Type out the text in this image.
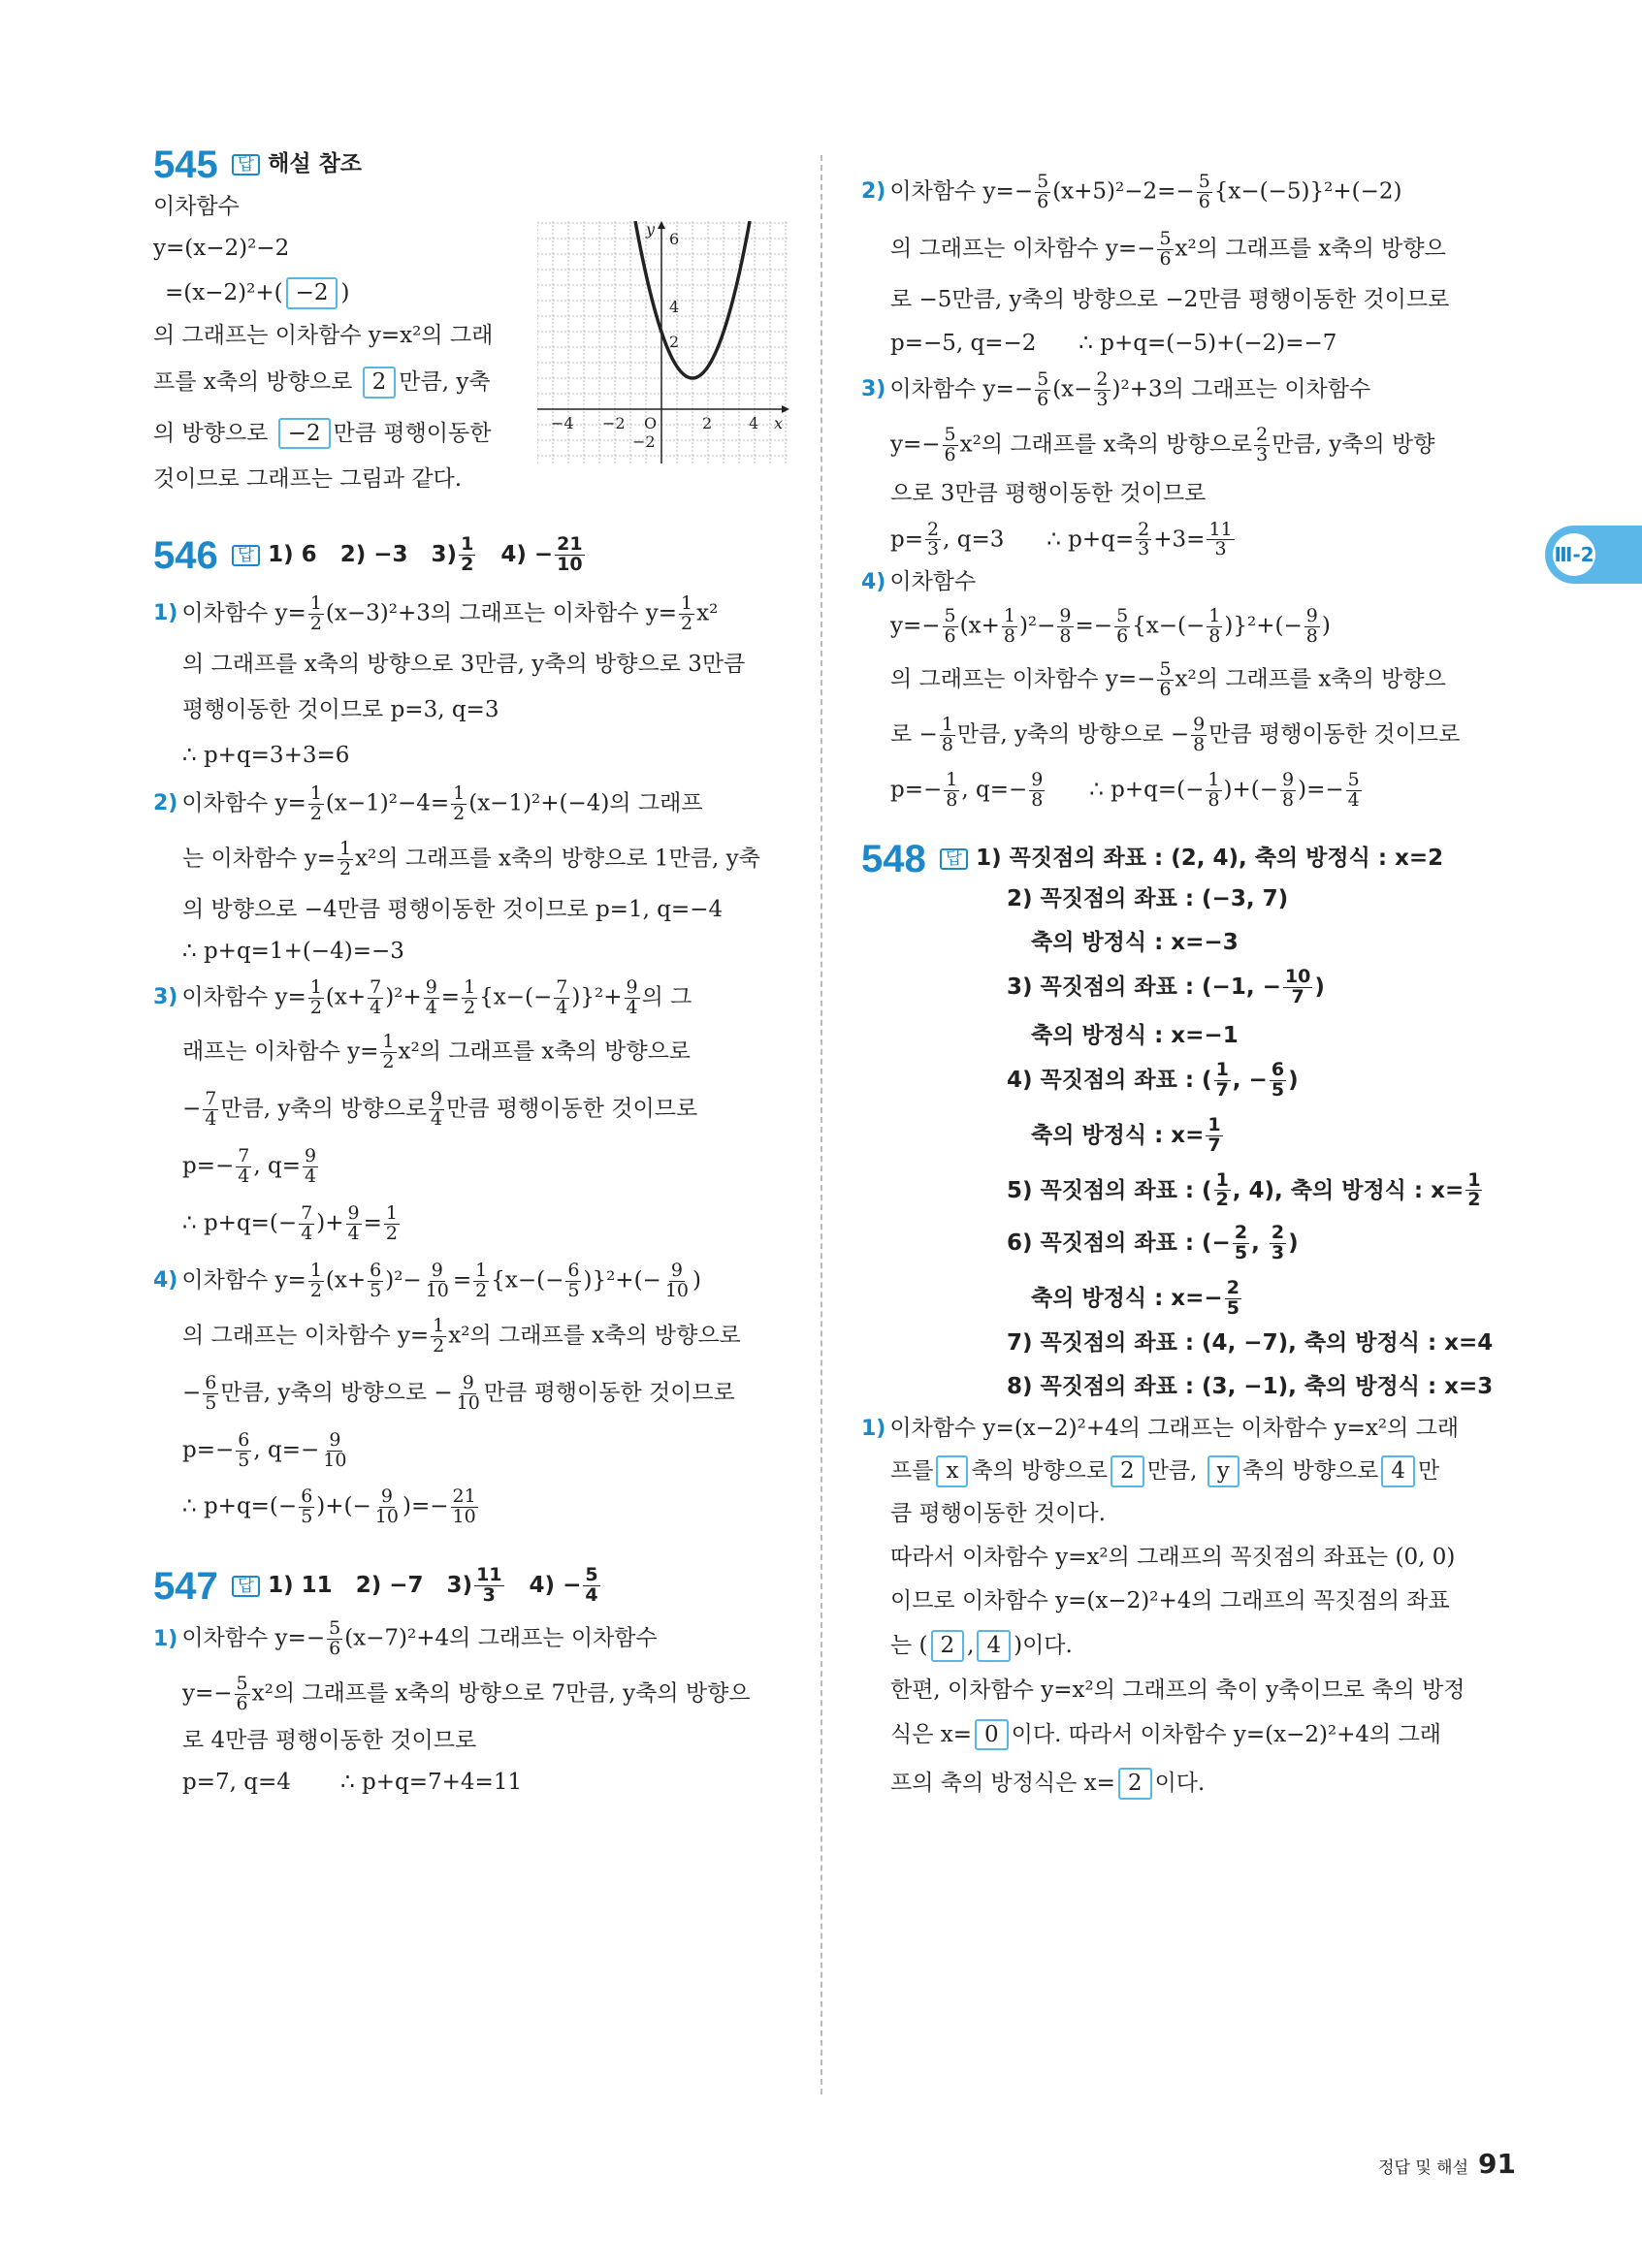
545 답 해설 참조
이차함수
y=(x−2)²−2
=(x−2)²+( −2 )
의 그래프는 이차함수 y=x²의 그래
프를 x축의 방향으로 2 만큼, y축
의 방향으로 −2 만큼 평행이동한
것이므로 그래프는 그림과 같다.
−4 −2 O	2 4
6
4
2
−2
x
y
546 답 1) 6 2) −3 $3) \frac{1}{2} 4) - \frac{21}{10}$
1) 이차함수 $y= \frac{1}{2} (x-3)^2+3$의 그래프는 이차함수 $y= \frac{1}{2} x^2$
의 그래프를 x축의 방향으로 3만큼, y축의 방향으로 3만큼
평행이동한 것이므로 p=3, q=3
∴ p+q=3+3=6
2) 이차함수 $y= \frac{1}{2} (x-1)^2-4= \frac{1}{2} (x-1)^2+(-4)$의 그래프
는 이차함수 $y= \frac{1}{2} x^2$의 그래프를 x축의 방향으로 1만큼, y축
의 방향으로 −4만큼 평행이동한 것이므로 p=1, q=−4
∴ p+q=1+(−4)=−3
3) 이차함수 $y= \frac{1}{2} (x+ \frac{7}{4} )^2+ \frac{9}{4} = \frac{1}{2} \{x-(- \frac{7}{4} )\}^2+ \frac{9}{4}$ 의 그
래프는 이차함수 $y= \frac{1}{2} x^2$의 그래프를 x축의 방향으로
− $\frac{7}{4}$ 만큼, y축의 방향으로 $\frac{9}{4}$ 만큼 평행이동한 것이므로
$p=- \frac{7}{4}$ , $q= \frac{9}{4}$
∴ $p+q=(- \frac{7}{4}$ )+ $\frac{9}{4} = \frac{1}{2}$
4) 이차함수 $y= \frac{1}{2} (x+ \frac{6}{5} )^2- \frac{9}{10} = \frac{1}{2} \{x-(- \frac{6}{5} )\}^2+(- \frac{9}{10}$ )
의 그래프는 이차함수 $y= \frac{1}{2} x^2$의 그래프를 x축의 방향으로
− $\frac{6}{5}$ 만큼, y축의 방향으로 − $\frac{9}{10}$ 만큼 평행이동한 것이므로
$p=- \frac{6}{5}$ , $q=- \frac{9}{10}$
∴ $p+q=(- \frac{6}{5}$ )+(− $\frac{9}{10}$ )=− $\frac{21}{10}$
547 답 1) 11 2) −7 $3) \frac{11}{3} 4) - \frac{5}{4}$
1) 이차함수 $y=- \frac{5}{6} (x-7)^2+4$의 그래프는 이차함수
$y=- \frac{5}{6} x^2$의 그래프를 x축의 방향으로 7만큼, y축의 방향으
로 4만큼 평행이동한 것이므로
p=7, q=4 ∴ p+q=7+4=11
2) 이차함수 $y=- \frac{5}{6} (x+5)^2-2=- \frac{5}{6} \{x-(-5)\}^2+(-2)$
의 그래프는 이차함수 $y=- \frac{5}{6} x^2$의 그래프를 x축의 방향으
로 −5만큼, y축의 방향으로 −2만큼 평행이동한 것이므로
p=−5, q=−2 ∴ p+q=(−5)+(−2)=−7
3) 이차함수 $y=- \frac{5}{6} (x- \frac{2}{3} )^2+3$의 그래프는 이차함수
$y=- \frac{5}{6} x^2$의 그래프를 x축의 방향으로 $\frac{2}{3}$ 만큼, y축의 방향
으로 3만큼 평행이동한 것이므로
$p= \frac{2}{3}$ , q=3 ∴ $p+q= \frac{2}{3} +3= \frac{11}{3}$
4) 이차함수
$y=- \frac{5}{6} (x+ \frac{1}{8} )^2- \frac{9}{8} =- \frac{5}{6} \{x-(- \frac{1}{8} )\}^2+(- \frac{9}{8}$ )
의 그래프는 이차함수 $y=- \frac{5}{6} x^2$의 그래프를 x축의 방향으
로 − $\frac{1}{8}$ 만큼, y축의 방향으로 − $\frac{9}{8}$ 만큼 평행이동한 것이므로
$p=- \frac{1}{8}$ , $q=- \frac{9}{8}$ ∴ $p+q=(- \frac{1}{8}$ )+(− $\frac{9}{8}$ )=− $\frac{5}{4}$
548 답 1) 꼭짓점의 좌표 : (2, 4), 축의 방정식 : x=2
2) 꼭짓점의 좌표 : (−3, 7)
축의 방정식 : x=−3
3) 꼭짓점의 좌표 : (−1, − $\frac{10}{7}$ )
축의 방정식 : x=−1
4) 꼭짓점의 좌표 : ( $\frac{1}{7}$ , − $\frac{6}{5}$ )
축의 방정식 : $x= \frac{1}{7}$
5) 꼭짓점의 좌표 : ( $\frac{1}{2}$ , 4), 축의 방정식 : $x= \frac{1}{2}$
6) 꼭짓점의 좌표 : (− $\frac{2}{5}$ , $\frac{2}{3}$ )
축의 방정식 : $x=- \frac{2}{5}$
7) 꼭짓점의 좌표 : (4, −7), 축의 방정식 : x=4
8) 꼭짓점의 좌표 : (3, −1), 축의 방정식 : x=3
1) 이차함수 y=(x−2)²+4의 그래프는 이차함수 y=x²의 그래
프를 x 축의 방향으로 2 만큼, y 축의 방향으로 4 만
큼 평행이동한 것이다.
따라서 이차함수 y=x²의 그래프의 꼭짓점의 좌표는 (0, 0)
이므로 이차함수 y=(x−2)²+4의 그래프의 꼭짓점의 좌표
는 ( 2 , 4 )이다.
한편, 이차함수 y=x²의 그래프의 축이 y축이므로 축의 방정
식은 x= 0 이다. 따라서 이차함수 y=(x−2)²+4의 그래
프의 축의 방정식은 x= 2 이다.
Ⅲ-2
정답 및 해설 91
